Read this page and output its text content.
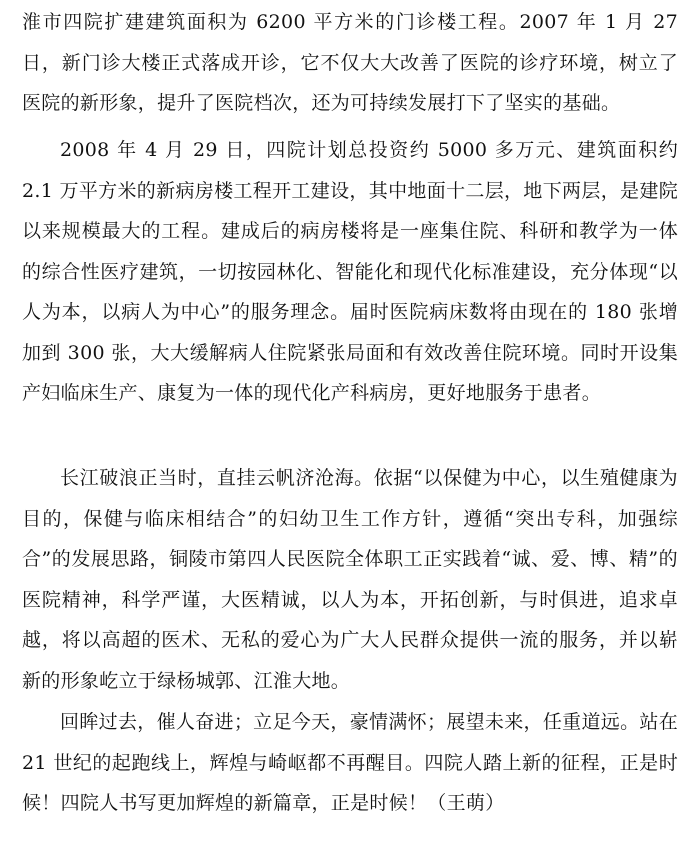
淮市四院扩建建筑面积为 6200 平方米的门诊楼工程。2007 年 1 月 27 日，新门诊大楼正式落成开诊，它不仅大大改善了医院的诊疗环境，树立了医院的新形象，提升了医院档次，还为可持续发展打下了坚实的基础。

2008 年 4 月 29 日，四院计划总投资约 5000 多万元、建筑面积约 2.1 万平方米的新病房楼工程开工建设，其中地面十二层，地下两层，是建院以来规模最大的工程。建成后的病房楼将是一座集住院、科研和教学为一体的综合性医疗建筑，一切按园林化、智能化和现代化标准建设，充分体现“以人为本，以病人为中心”的服务理念。届时医院病床数将由现在的 180 张增加到 300 张，大大缓解病人住院紧张局面和有效改善住院环境。同时开设集产妇临床生产、康复为一体的现代化产科病房，更好地服务于患者。

长江破浪正当时，直挂云帆济沧海。依据“以保健为中心，以生殖健康为目的，保健与临床相结合”的妇幼卫生工作方针，遵循“突出专科，加强综合”的发展思路，铜陵市第四人民医院全体职工正实践着“诚、爱、博、精”的医院精神，科学严谨，大医精诚，以人为本，开拓创新，与时俱进，追求卓越，将以高超的医术、无私的爱心为广大人民群众提供一流的服务，并以崭新的形象屹立于绿杨城郭、江淮大地。

回眸过去，催人奋进；立足今天，豪情满怀；展望未来，任重道远。站在 21 世纪的起跑线上，辉煌与崎岖都不再醒目。四院人踏上新的征程，正是时候！四院人书写更加辉煌的新篇章，正是时候！（王萌）
